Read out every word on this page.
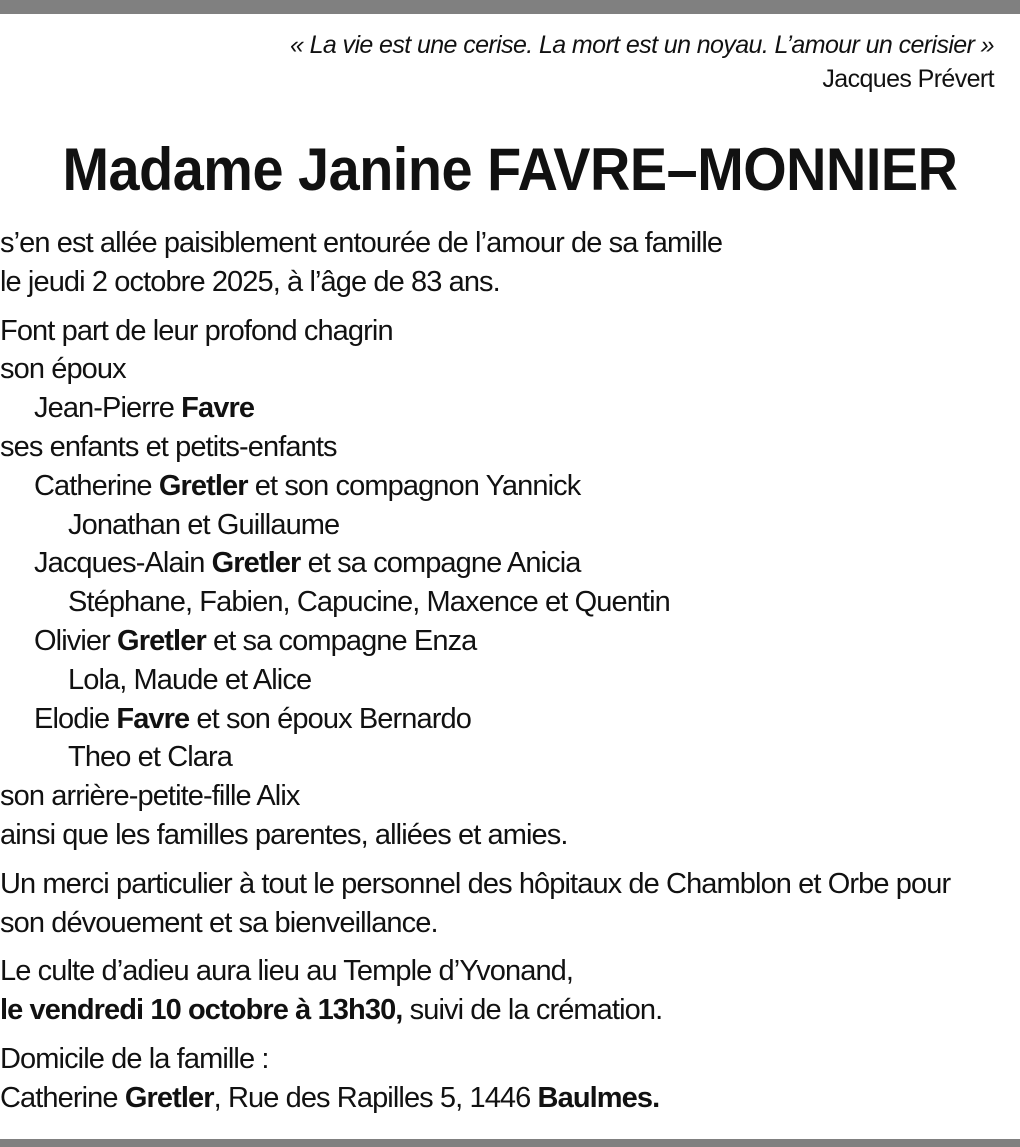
« La vie est une cerise. La mort est un noyau. L’amour un cerisier »
Jacques Prévert
Madame Janine FAVRE–MONNIER
s’en est allée paisiblement entourée de l’amour de sa famille
le jeudi 2 octobre 2025, à l’âge de 83 ans.
Font part de leur profond chagrin
son époux
Jean-Pierre Favre
ses enfants et petits-enfants
Catherine Gretler et son compagnon Yannick
Jonathan et Guillaume
Jacques-Alain Gretler et sa compagne Anicia
Stéphane, Fabien, Capucine, Maxence et Quentin
Olivier Gretler et sa compagne Enza
Lola, Maude et Alice
Elodie Favre et son époux Bernardo
Theo et Clara
son arrière-petite-fille Alix
ainsi que les familles parentes, alliées et amies.
Un merci particulier à tout le personnel des hôpitaux de Chamblon et Orbe pour
son dévouement et sa bienveillance.
Le culte d’adieu aura lieu au Temple d’Yvonand,
le vendredi 10 octobre à 13h30, suivi de la crémation.
Domicile de la famille :
Catherine Gretler, Rue des Rapilles 5, 1446 Baulmes.
